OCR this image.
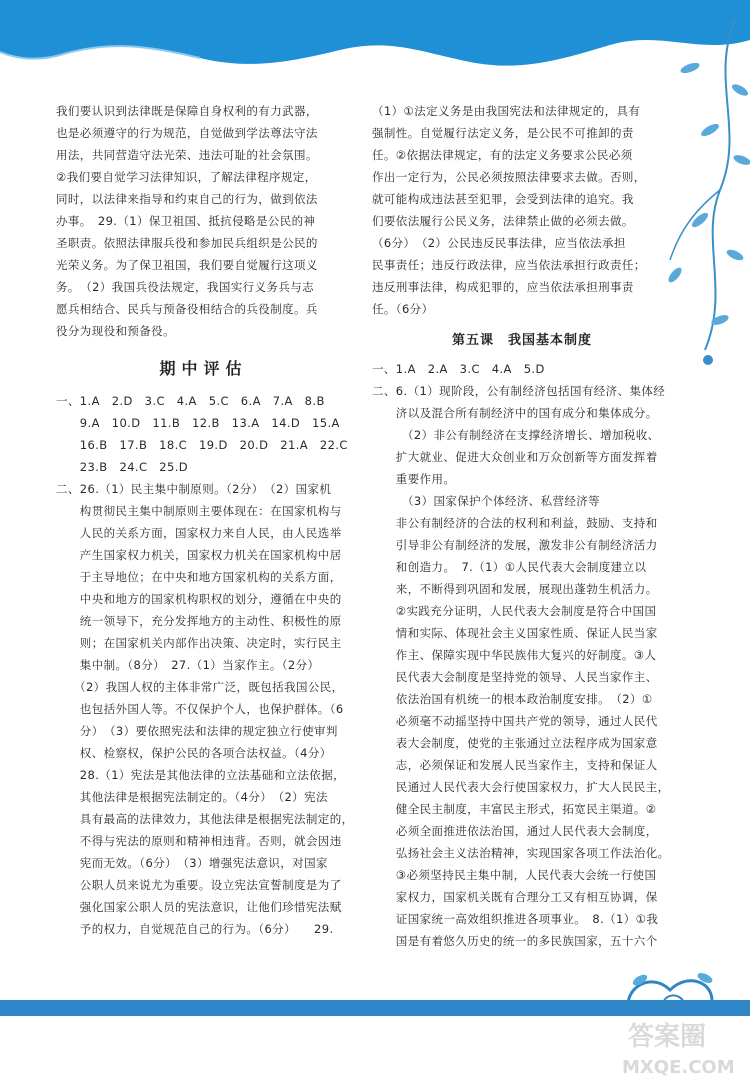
我们要认识到法律既是保障自身权利的有力武器，

也是必须遵守的行为规范，自觉做到学法尊法守法

用法，共同营造守法光荣、违法可耻的社会氛围。

②我们要自觉学习法律知识，了解法律程序规定，

同时，以法律来指导和约束自己的行为，做到依法

办事。　29.（1）保卫祖国、抵抗侵略是公民的神

圣职责。依照法律服兵役和参加民兵组织是公民的

光荣义务。为了保卫祖国，我们要自觉履行这项义

务。　（2）我国兵役法规定，我国实行义务兵与志

愿兵相结合、民兵与预备役相结合的兵役制度。兵

役分为现役和预备役。

期中评估

一、1.A　2.D　3.C　4.A　5.C　6.A　7.A　8.B

　　9.A　10.D　11.B　12.B　13.A　14.D　15.A

　　16.B　17.B　18.C　19.D　20.D　21.A　22.C

　　23.B　24.C　25.D

二、26.（1）民主集中制原则。（2分）　（2）国家机

　　构贯彻民主集中制原则主要体现在：在国家机构与

　　人民的关系方面，国家权力来自人民，由人民选举

　　产生国家权力机关，国家权力机关在国家机构中居

　　于主导地位；在中央和地方国家机构的关系方面，

　　中央和地方的国家机构职权的划分，遵循在中央的

　　统一领导下，充分发挥地方的主动性、积极性的原

　　则；在国家机关内部作出决策、决定时，实行民主

　　集中制。（8分）　27.（1）当家作主。（2分）

　　（2）我国人权的主体非常广泛，既包括我国公民，

　　也包括外国人等。不仅保护个人，也保护群体。（6

　　分）　（3）要依照宪法和法律的规定独立行使审判

　　权、检察权，保护公民的各项合法权益。（4分）

　　28.（1）宪法是其他法律的立法基础和立法依据，

　　其他法律是根据宪法制定的。（4分）　（2）宪法

　　具有最高的法律效力，其他法律是根据宪法制定的，

　　不得与宪法的原则和精神相违背。否则，就会因违

　　宪而无效。（6分）　（3）增强宪法意识，对国家

　　公职人员来说尤为重要。设立宪法宣誓制度是为了

　　强化国家公职人员的宪法意识，让他们珍惜宪法赋

　　予的权力，自觉规范自己的行为。（6分）　　29.

（1）①法定义务是由我国宪法和法律规定的，具有

强制性。自觉履行法定义务，是公民不可推卸的责

任。②依据法律规定，有的法定义务要求公民必须

作出一定行为，公民必须按照法律要求去做。否则，

就可能构成违法甚至犯罪，会受到法律的追究。我

们要依法履行公民义务，法律禁止做的必须去做。

（6分）　（2）公民违反民事法律，应当依法承担

民事责任；违反行政法律，应当依法承担行政责任；

违反刑事法律，构成犯罪的，应当依法承担刑事责

任。（6分）

第五课　我国基本制度

一、1.A　2.A　3.C　4.A　5.D

二、6.（1）现阶段，公有制经济包括国有经济、集体经

　　济以及混合所有制经济中的国有成分和集体成分。

　　　（2）非公有制经济在支撑经济增长、增加税收、

　　扩大就业、促进大众创业和万众创新等方面发挥着

　　重要作用。

　　　（3）国家保护个体经济、私营经济等

　　非公有制经济的合法的权利和利益，鼓励、支持和

　　引导非公有制经济的发展，激发非公有制经济活力

　　和创造力。　7.（1）①人民代表大会制度建立以

　　来，不断得到巩固和发展，展现出蓬勃生机活力。

　　②实践充分证明，人民代表大会制度是符合中国国

　　情和实际、体现社会主义国家性质、保证人民当家

　　作主、保障实现中华民族伟大复兴的好制度。③人

　　民代表大会制度是坚持党的领导、人民当家作主、

　　依法治国有机统一的根本政治制度安排。　（2）①

　　必须毫不动摇坚持中国共产党的领导，通过人民代

　　表大会制度，使党的主张通过立法程序成为国家意

　　志，必须保证和发展人民当家作主，支持和保证人

　　民通过人民代表大会行使国家权力，扩大人民民主，

　　健全民主制度，丰富民主形式，拓宽民主渠道。②

　　必须全面推进依法治国，通过人民代表大会制度，

　　弘扬社会主义法治精神，实现国家各项工作法治化。

　　③必须坚持民主集中制，人民代表大会统一行使国

　　家权力，国家机关既有合理分工又有相互协调，保

　　证国家统一高效组织推进各项事业。　8.（1）①我

　　国是有着悠久历史的统一的多民族国家，五十六个

答案圈
MXQE.COM
